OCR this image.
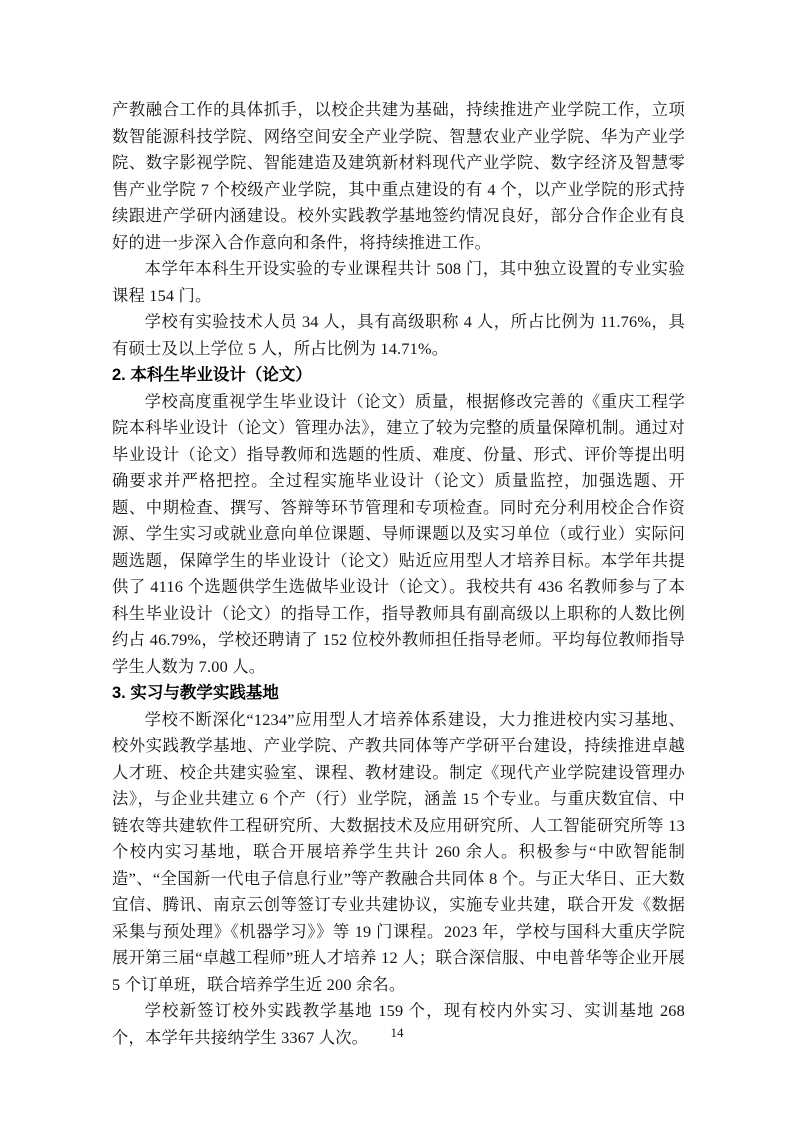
产教融合工作的具体抓手，以校企共建为基础，持续推进产业学院工作，立项数智能源科技学院、网络空间安全产业学院、智慧农业产业学院、华为产业学院、数字影视学院、智能建造及建筑新材料现代产业学院、数字经济及智慧零售产业学院 7 个校级产业学院，其中重点建设的有 4 个，以产业学院的形式持续跟进产学研内涵建设。校外实践教学基地签约情况良好，部分合作企业有良好的进一步深入合作意向和条件，将持续推进工作。

本学年本科生开设实验的专业课程共计 508 门，其中独立设置的专业实验课程 154 门。

学校有实验技术人员 34 人，具有高级职称 4 人，所占比例为 11.76%，具有硕士及以上学位 5 人，所占比例为 14.71%。

2. 本科生毕业设计（论文）

学校高度重视学生毕业设计（论文）质量，根据修改完善的《重庆工程学院本科毕业设计（论文）管理办法》，建立了较为完整的质量保障机制。通过对毕业设计（论文）指导教师和选题的性质、难度、份量、形式、评价等提出明确要求并严格把控。全过程实施毕业设计（论文）质量监控，加强选题、开题、中期检查、撰写、答辩等环节管理和专项检查。同时充分利用校企合作资源、学生实习或就业意向单位课题、导师课题以及实习单位（或行业）实际问题选题，保障学生的毕业设计（论文）贴近应用型人才培养目标。本学年共提供了 4116 个选题供学生选做毕业设计（论文）。我校共有 436 名教师参与了本科生毕业设计（论文）的指导工作，指导教师具有副高级以上职称的人数比例约占 46.79%，学校还聘请了 152 位校外教师担任指导老师。平均每位教师指导学生人数为 7.00 人。

3. 实习与教学实践基地

学校不断深化“1234”应用型人才培养体系建设，大力推进校内实习基地、校外实践教学基地、产业学院、产教共同体等产学研平台建设，持续推进卓越人才班、校企共建实验室、课程、教材建设。制定《现代产业学院建设管理办法》，与企业共建立 6 个产（行）业学院，涵盖 15 个专业。与重庆数宜信、中链农等共建软件工程研究所、大数据技术及应用研究所、人工智能研究所等 13 个校内实习基地，联合开展培养学生共计 260 余人。积极参与“中欧智能制造”、“全国新一代电子信息行业”等产教融合共同体 8 个。与正大华日、正大数宜信、腾讯、南京云创等签订专业共建协议，实施专业共建，联合开发《数据采集与预处理》《机器学习》》等 19 门课程。2023 年，学校与国科大重庆学院展开第三届“卓越工程师”班人才培养 12 人；联合深信服、中电普华等企业开展 5 个订单班，联合培养学生近 200 余名。

学校新签订校外实践教学基地 159 个，现有校内外实习、实训基地 268 个，本学年共接纳学生 3367 人次。	14
